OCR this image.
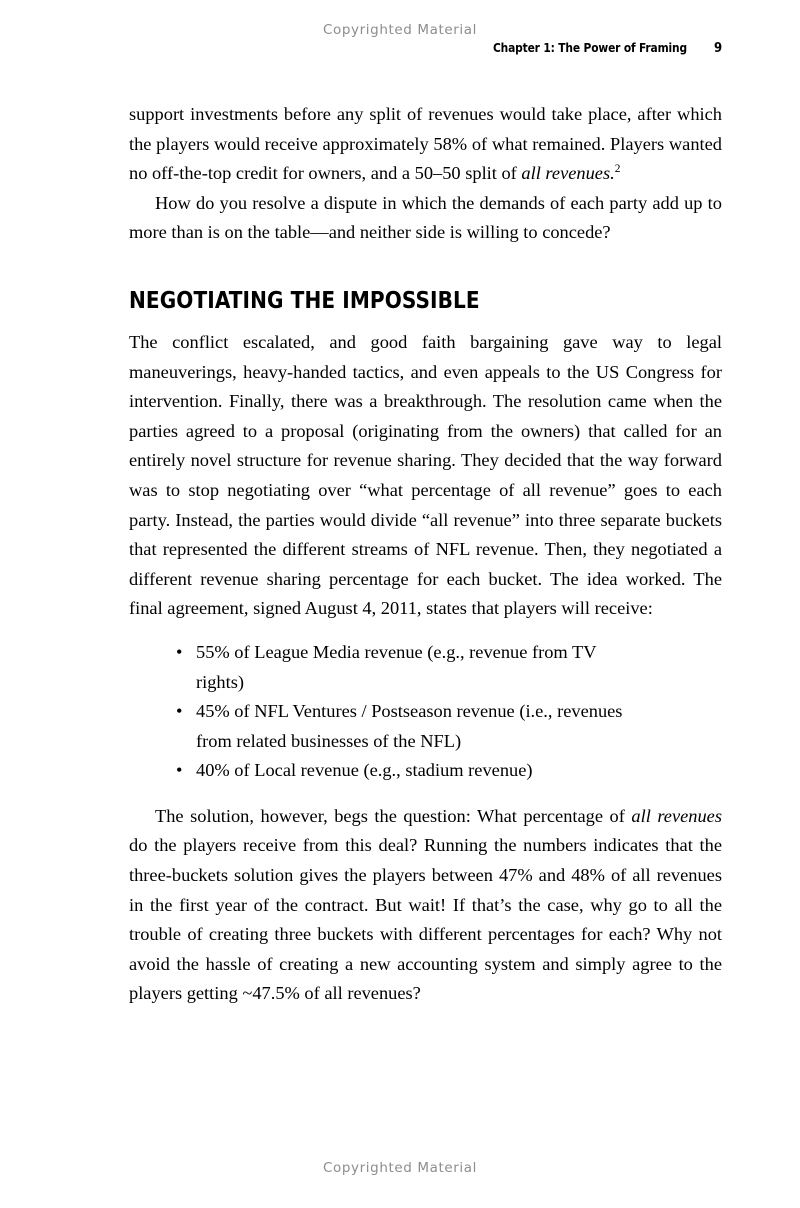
Copyrighted Material
Chapter 1: The Power of Framing 9

support investments before any split of revenues would take place, after which the players would receive approximately 58% of what remained. Players wanted no off-the-top credit for owners, and a 50–50 split of all revenues.$^2$

How do you resolve a dispute in which the demands of each party add up to more than is on the table—and neither side is willing to concede?

NEGOTIATING THE IMPOSSIBLE

The conflict escalated, and good faith bargaining gave way to legal maneuverings, heavy-handed tactics, and even appeals to the US Congress for intervention. Finally, there was a breakthrough. The resolution came when the parties agreed to a proposal (originating from the owners) that called for an entirely novel structure for revenue sharing. They decided that the way forward was to stop negotiating over “what percentage of all revenue” goes to each party. Instead, the parties would divide “all revenue” into three separate buckets that represented the different streams of NFL revenue. Then, they negotiated a different revenue sharing percentage for each bucket. The idea worked. The final agreement, signed August 4, 2011, states that players will receive:

• 55% of League Media revenue (e.g., revenue from TV rights)
• 45% of NFL Ventures / Postseason revenue (i.e., revenues from related businesses of the NFL)
• 40% of Local revenue (e.g., stadium revenue)

The solution, however, begs the question: What percentage of all revenues do the players receive from this deal? Running the numbers indicates that the three-buckets solution gives the players between 47% and 48% of all revenues in the first year of the contract. But wait! If that’s the case, why go to all the trouble of creating three buckets with different percentages for each? Why not avoid the hassle of creating a new accounting system and simply agree to the players getting ~47.5% of all revenues?

Copyrighted Material
